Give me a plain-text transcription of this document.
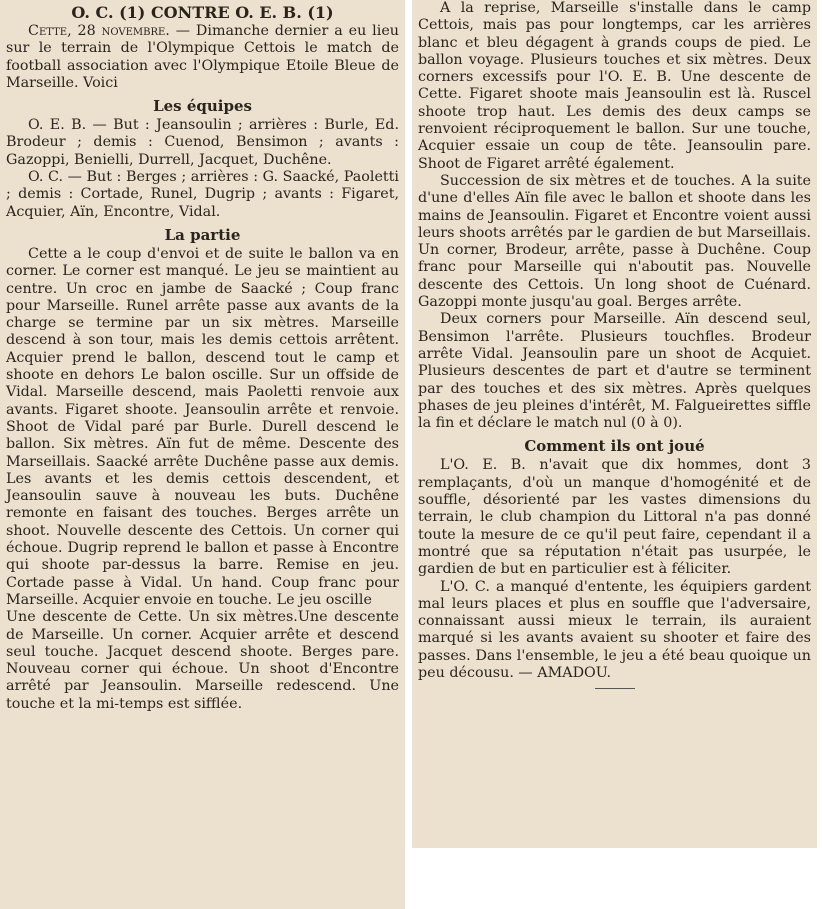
O. C. (1) CONTRE O. E. B. (1)

Cette, 28 novembre. — Dimanche dernier a eu lieu sur le terrain de l'Olympique Cettois le match de football association avec l'Olympique Etoile Bleue de Marseille. Voici

Les équipes

O. E. B. — But : Jeansoulin ; arrières : Burle, Ed. Brodeur ; demis : Cuenod, Bensimon ; avants : Gazoppi, Benielli, Durrell, Jacquet, Duchêne.

O. C. — But : Berges ; arrières : G. Saacké, Paoletti ; demis : Cortade, Runel, Dugrip ; avants : Figaret, Acquier, Aïn, Encontre, Vidal.

La partie

Cette a le coup d'envoi et de suite le ballon va en corner. Le corner est manqué. Le jeu se maintient au centre. Un croc en jambe de Saacké ; Coup franc pour Marseille. Runel arrête passe aux avants de la charge se termine par un six mètres. Marseille descend à son tour, mais les demis cettois arrêtent. Acquier prend le ballon, descend tout le camp et shoote en dehors Le balon oscille. Sur un offside de Vidal. Marseille descend, mais Paoletti renvoie aux avants. Figaret shoote. Jeansoulin arrête et renvoie. Shoot de Vidal paré par Burle. Durell descend le ballon. Six mètres. Aïn fut de même. Descente des Marseillais. Saacké arrête Duchêne passe aux demis. Les avants et les demis cettois descendent, et Jeansoulin sauve à nouveau les buts. Duchêne remonte en faisant des touches. Berges arrête un shoot. Nouvelle descente des Cettois. Un corner qui échoue. Dugrip reprend le ballon et passe à Encontre qui shoote par-dessus la barre. Remise en jeu. Cortade passe à Vidal. Un hand. Coup franc pour Marseille. Acquier envoie en touche. Le jeu oscille

Une descente de Cette. Un six mètres.Une descente de Marseille. Un corner. Acquier arrête et descend seul touche. Jacquet descend shoote. Berges pare. Nouveau corner qui échoue. Un shoot d'Encontre arrêté par Jeansoulin. Marseille redescend. Une touche et la mi-temps est sifflée.

A la reprise, Marseille s'installe dans le camp Cettois, mais pas pour longtemps, car les arrières blanc et bleu dégagent à grands coups de pied. Le ballon voyage. Plusieurs touches et six mètres. Deux corners excessifs pour l'O. E. B. Une descente de Cette. Figaret shoote mais Jeansoulin est là. Ruscel shoote trop haut. Les demis des deux camps se renvoient réciproquement le ballon. Sur une touche, Acquier essaie un coup de tête. Jeansoulin pare. Shoot de Figaret arrêté également.

Succession de six mètres et de touches. A la suite d'une d'elles Aïn file avec le ballon et shoote dans les mains de Jeansoulin. Figaret et Encontre voient aussi leurs shoots arrêtés par le gardien de but Marseillais. Un corner, Brodeur, arrête, passe à Duchêne. Coup franc pour Marseille qui n'aboutit pas. Nouvelle descente des Cettois. Un long shoot de Cuénard. Gazoppi monte jusqu'au goal. Berges arrête.

Deux corners pour Marseille. Aïn descend seul, Bensimon l'arrête. Plusieurs touchfles. Brodeur arrête Vidal. Jeansoulin pare un shoot de Acquiet. Plusieurs descentes de part et d'autre se terminent par des touches et des six mètres. Après quelques phases de jeu pleines d'intérêt, M. Falgueirettes siffle la fin et déclare le match nul (0 à 0).

Comment ils ont joué

L'O. E. B. n'avait que dix hommes, dont 3 remplaçants, d'où un manque d'homogénité et de souffle, désorienté par les vastes dimensions du terrain, le club champion du Littoral n'a pas donné toute la mesure de ce qu'il peut faire, cependant il a montré que sa réputation n'était pas usurpée, le gardien de but en particulier est à féliciter.

L'O. C. a manqué d'entente, les équipiers gardent mal leurs places et plus en souffle que l'adversaire, connaissant aussi mieux le terrain, ils auraient marqué si les avants avaient su shooter et faire des passes. Dans l'ensemble, le jeu a été beau quoique un peu décousu. — AMADOU.
